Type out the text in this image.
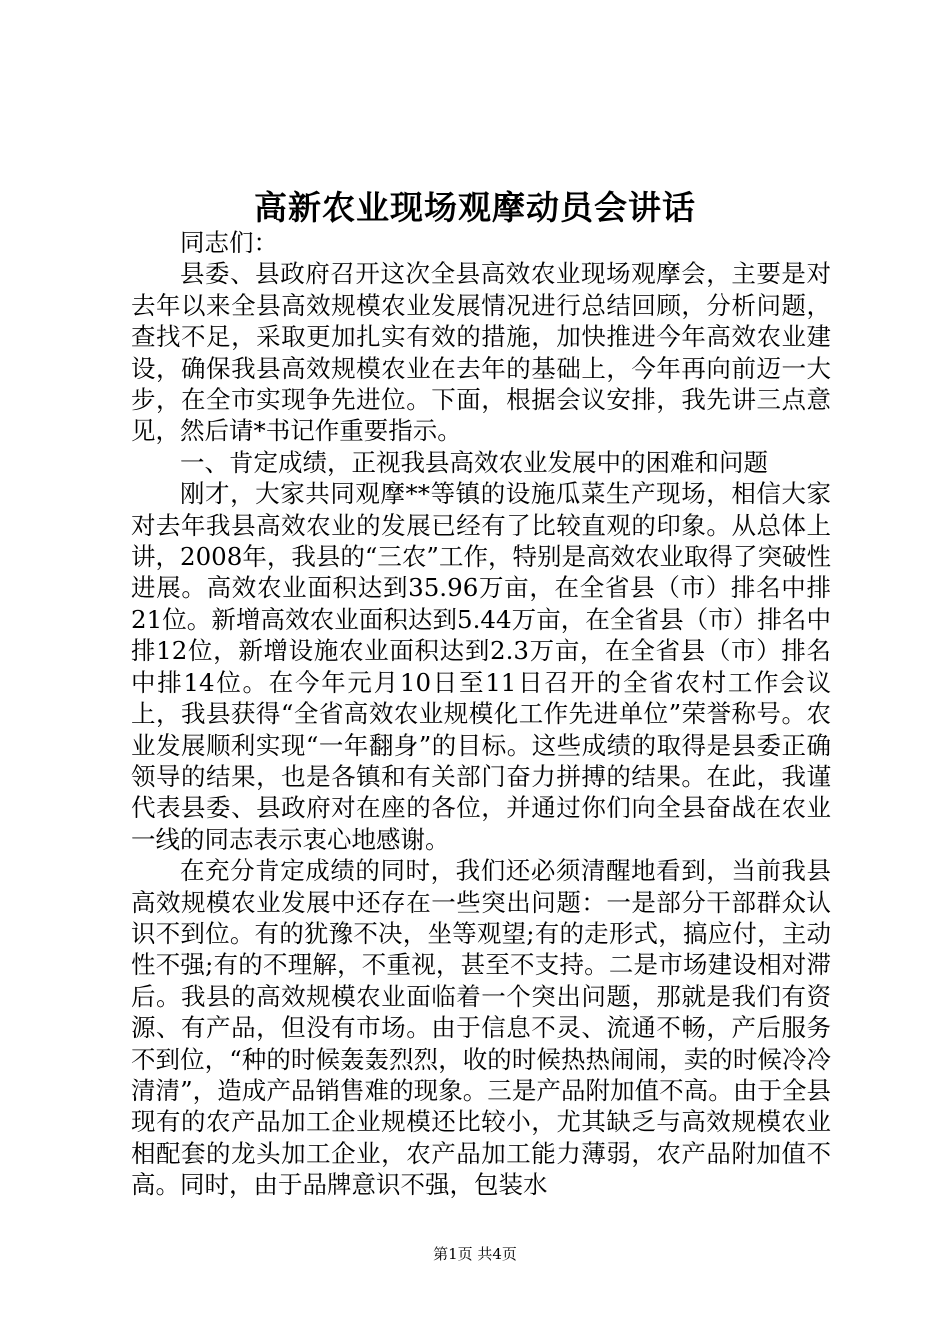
高新农业现场观摩动员会讲话

同志们：

县委、县政府召开这次全县高效农业现场观摩会，主要是对去年以来全县高效规模农业发展情况进行总结回顾，分析问题，查找不足，采取更加扎实有效的措施，加快推进今年高效农业建设，确保我县高效规模农业在去年的基础上，今年再向前迈一大步，在全市实现争先进位。下面，根据会议安排，我先讲三点意见，然后请*书记作重要指示。

一、肯定成绩，正视我县高效农业发展中的困难和问题

刚才，大家共同观摩**等镇的设施瓜菜生产现场，相信大家对去年我县高效农业的发展已经有了比较直观的印象。从总体上讲，2008年，我县的“三农”工作，特别是高效农业取得了突破性进展。高效农业面积达到35.96万亩，在全省县（市）排名中排21位。新增高效农业面积达到5.44万亩，在全省县（市）排名中排12位，新增设施农业面积达到2.3万亩，在全省县（市）排名中排14位。在今年元月10日至11日召开的全省农村工作会议上，我县获得“全省高效农业规模化工作先进单位”荣誉称号。农业发展顺利实现“一年翻身”的目标。这些成绩的取得是县委正确领导的结果，也是各镇和有关部门奋力拼搏的结果。在此，我谨代表县委、县政府对在座的各位，并通过你们向全县奋战在农业一线的同志表示衷心地感谢。

在充分肯定成绩的同时，我们还必须清醒地看到，当前我县高效规模农业发展中还存在一些突出问题：一是部分干部群众认识不到位。有的犹豫不决，坐等观望;有的走形式，搞应付，主动性不强;有的不理解，不重视，甚至不支持。二是市场建设相对滞后。我县的高效规模农业面临着一个突出问题，那就是我们有资源、有产品，但没有市场。由于信息不灵、流通不畅，产后服务不到位，“种的时候轰轰烈烈，收的时候热热闹闹，卖的时候冷冷清清”，造成产品销售难的现象。三是产品附加值不高。由于全县现有的农产品加工企业规模还比较小，尤其缺乏与高效规模农业相配套的龙头加工企业，农产品加工能力薄弱，农产品附加值不高。同时，由于品牌意识不强，包装水

第1页 共4页
